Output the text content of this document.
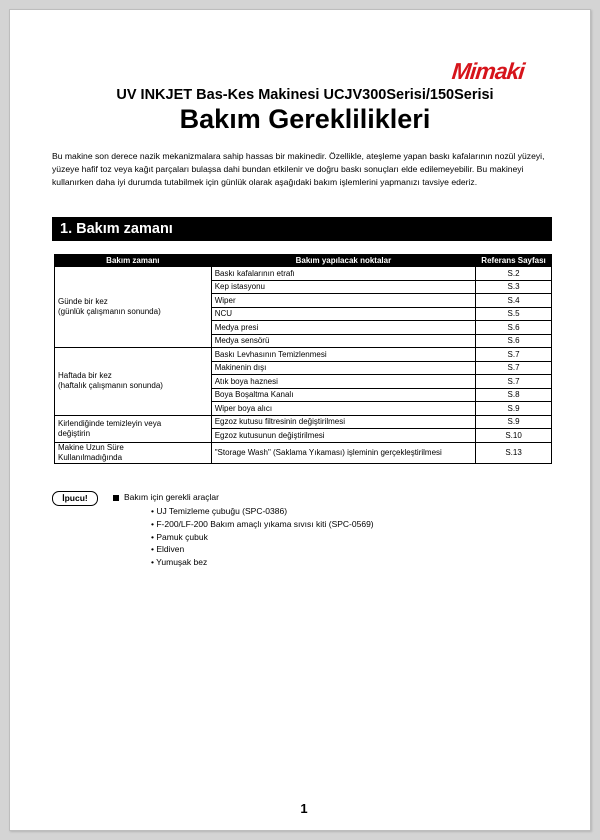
Mimaki
UV INKJET Bas-Kes Makinesi UCJV300Serisi/150Serisi
Bakım Gereklilikleri
Bu makine son derece nazik mekanizmalara sahip hassas bir makinedir. Özellikle, ateşleme yapan baskı kafalarının nozül yüzeyi, yüzeye hafif toz veya kağıt parçaları bulaşsa dahi bundan etkilenir ve doğru baskı sonuçları elde edilemeyebilir. Bu makineyi kullanırken daha iyi durumda tutabilmek için günlük olarak aşağıdaki bakım işlemlerini yapmanızı tavsiye ederiz.
1. Bakım zamanı
Bakım zamanı	Bakım yapılacak noktalar	Referans Sayfası

Günde bir kez
(günlük çalışmanın sonunda)	Baskı kafalarının etrafı	S.2
	Kep istasyonu	S.3
	Wiper	S.4
	NCU	S.5
	Medya presi	S.6
	Medya sensörü	S.6

Haftada bir kez
(haftalık çalışmanın sonunda)	Baskı Levhasının Temizlenmesi	S.7
	Makinenin dışı	S.7
	Atık boya haznesi	S.7
	Boya Boşaltma Kanalı	S.8
	Wiper boya alıcı	S.9

Kirlendiğinde temizleyin veya
değiştirin	Egzoz kutusu filtresinin değiştirilmesi	S.9
	Egzoz kutusunun değiştirilmesi	S.10

Makine Uzun Süre
Kullanılmadığında	"Storage Wash" (Saklama Yıkaması) işleminin gerçekleştirilmesi	S.13
İpucu!	Bakım için gerekli araçlar
• UJ Temizleme çubuğu (SPC-0386)
• F-200/LF-200 Bakım amaçlı yıkama sıvısı kiti (SPC-0569)
• Pamuk çubuk
• Eldiven
• Yumuşak bez
1
